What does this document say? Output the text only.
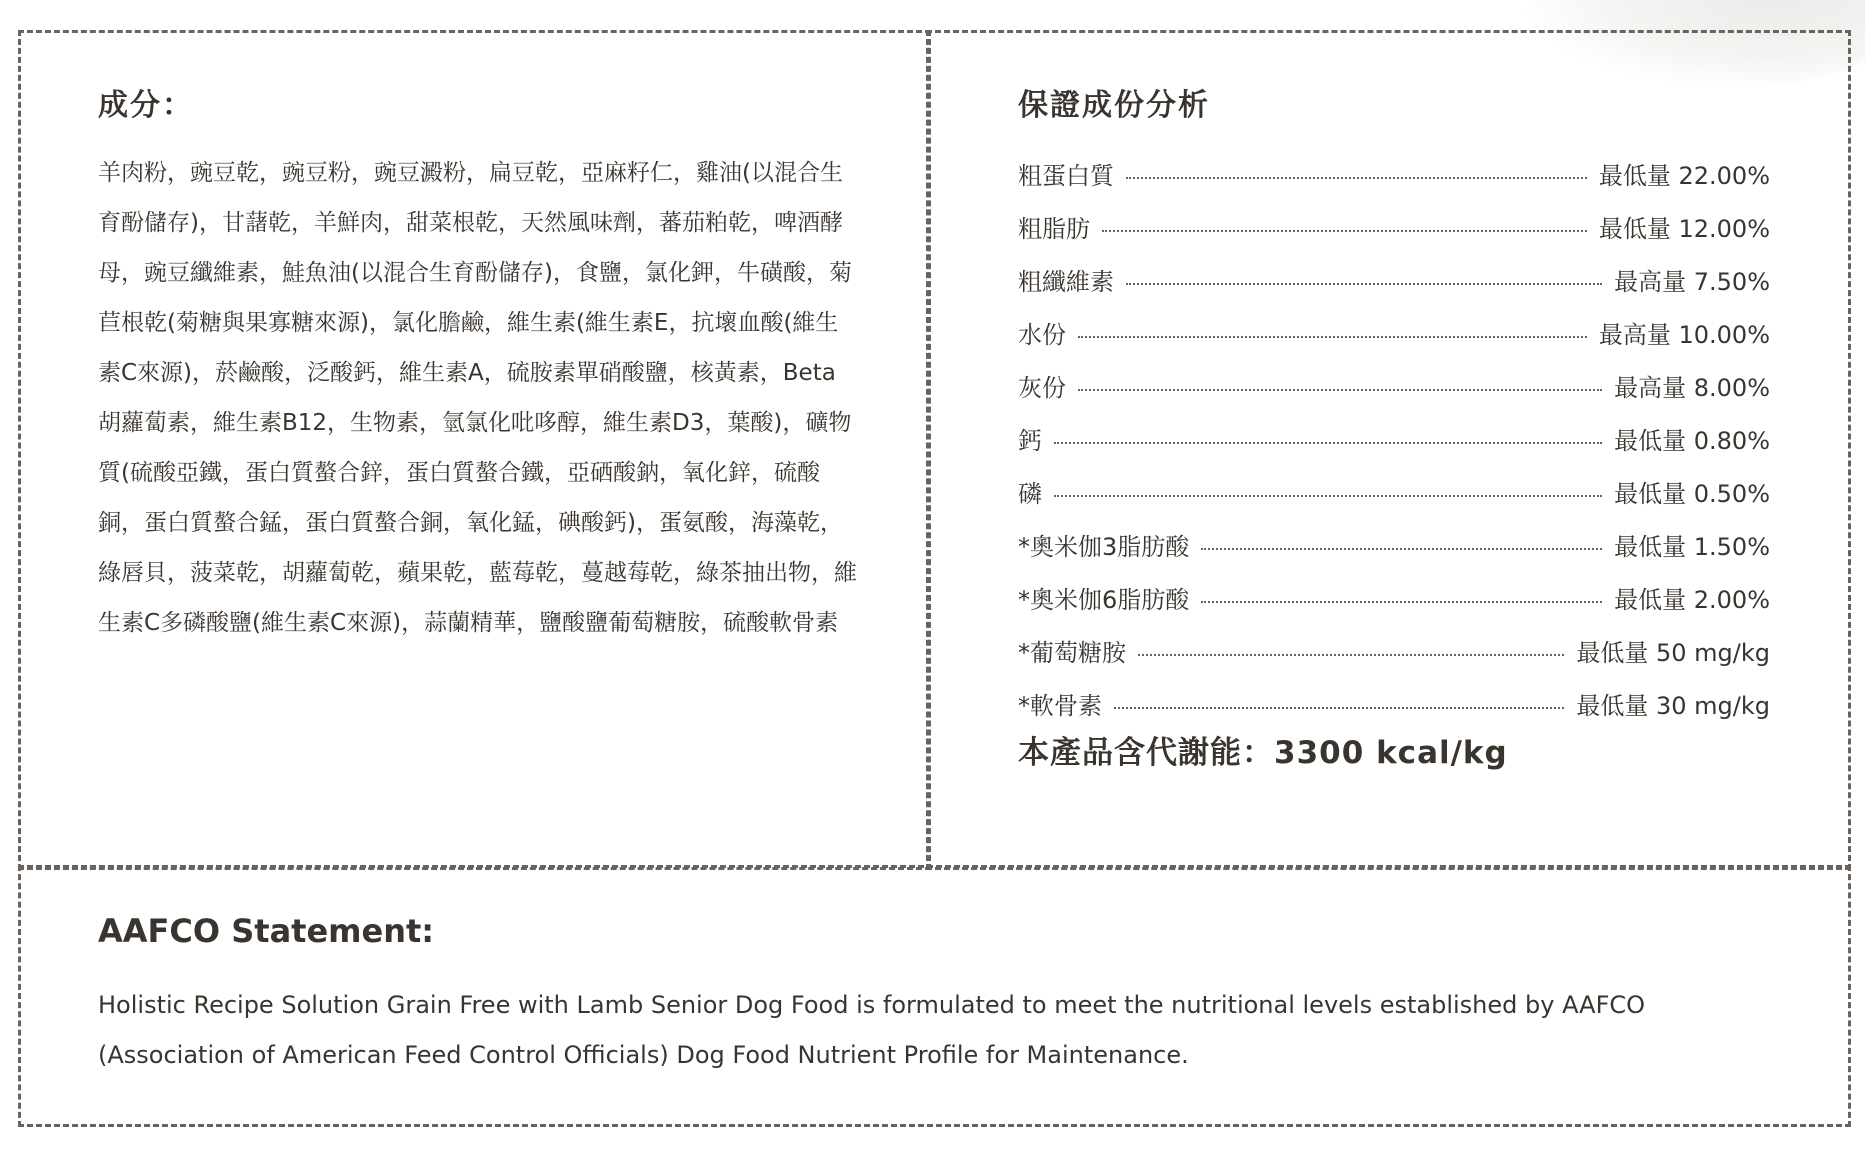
成分：

羊肉粉，豌豆乾，豌豆粉，豌豆澱粉，扁豆乾，亞麻籽仁，雞油(以混合生育酚儲存)，甘藷乾，羊鮮肉，甜菜根乾，天然風味劑，蕃茄粕乾，啤酒酵母，豌豆纖維素，鮭魚油(以混合生育酚儲存)，食鹽，氯化鉀，牛磺酸，菊苣根乾(菊糖與果寡糖來源)，氯化膽鹼，維生素(維生素E，抗壞血酸(維生素C來源)，菸鹼酸，泛酸鈣，維生素A，硫胺素單硝酸鹽，核黃素，Beta胡蘿蔔素，維生素B12，生物素，氫氯化吡哆醇，維生素D3，葉酸)，礦物質(硫酸亞鐵，蛋白質螯合鋅，蛋白質螯合鐵，亞硒酸鈉，氧化鋅，硫酸銅，蛋白質螯合錳，蛋白質螯合銅，氧化錳，碘酸鈣)，蛋氨酸，海藻乾，綠唇貝，菠菜乾，胡蘿蔔乾，蘋果乾，藍莓乾，蔓越莓乾，綠茶抽出物，維生素C多磷酸鹽(維生素C來源)，蒜蘭精華，鹽酸鹽葡萄糖胺，硫酸軟骨素

保證成份分析
粗蛋白質	最低量 22.00%
粗脂肪	最低量 12.00%
粗纖維素	最高量 7.50%
水份	最高量 10.00%
灰份	最高量 8.00%
鈣	最低量 0.80%
磷	最低量 0.50%
*奧米伽3脂肪酸	最低量 1.50%
*奧米伽6脂肪酸	最低量 2.00%
*葡萄糖胺	最低量 50 mg/kg
*軟骨素	最低量 30 mg/kg

本產品含代謝能：3300 kcal/kg

AAFCO Statement:

Holistic Recipe Solution Grain Free with Lamb Senior Dog Food is formulated to meet the nutritional levels established by AAFCO (Association of American Feed Control Officials) Dog Food Nutrient Profile for Maintenance.
